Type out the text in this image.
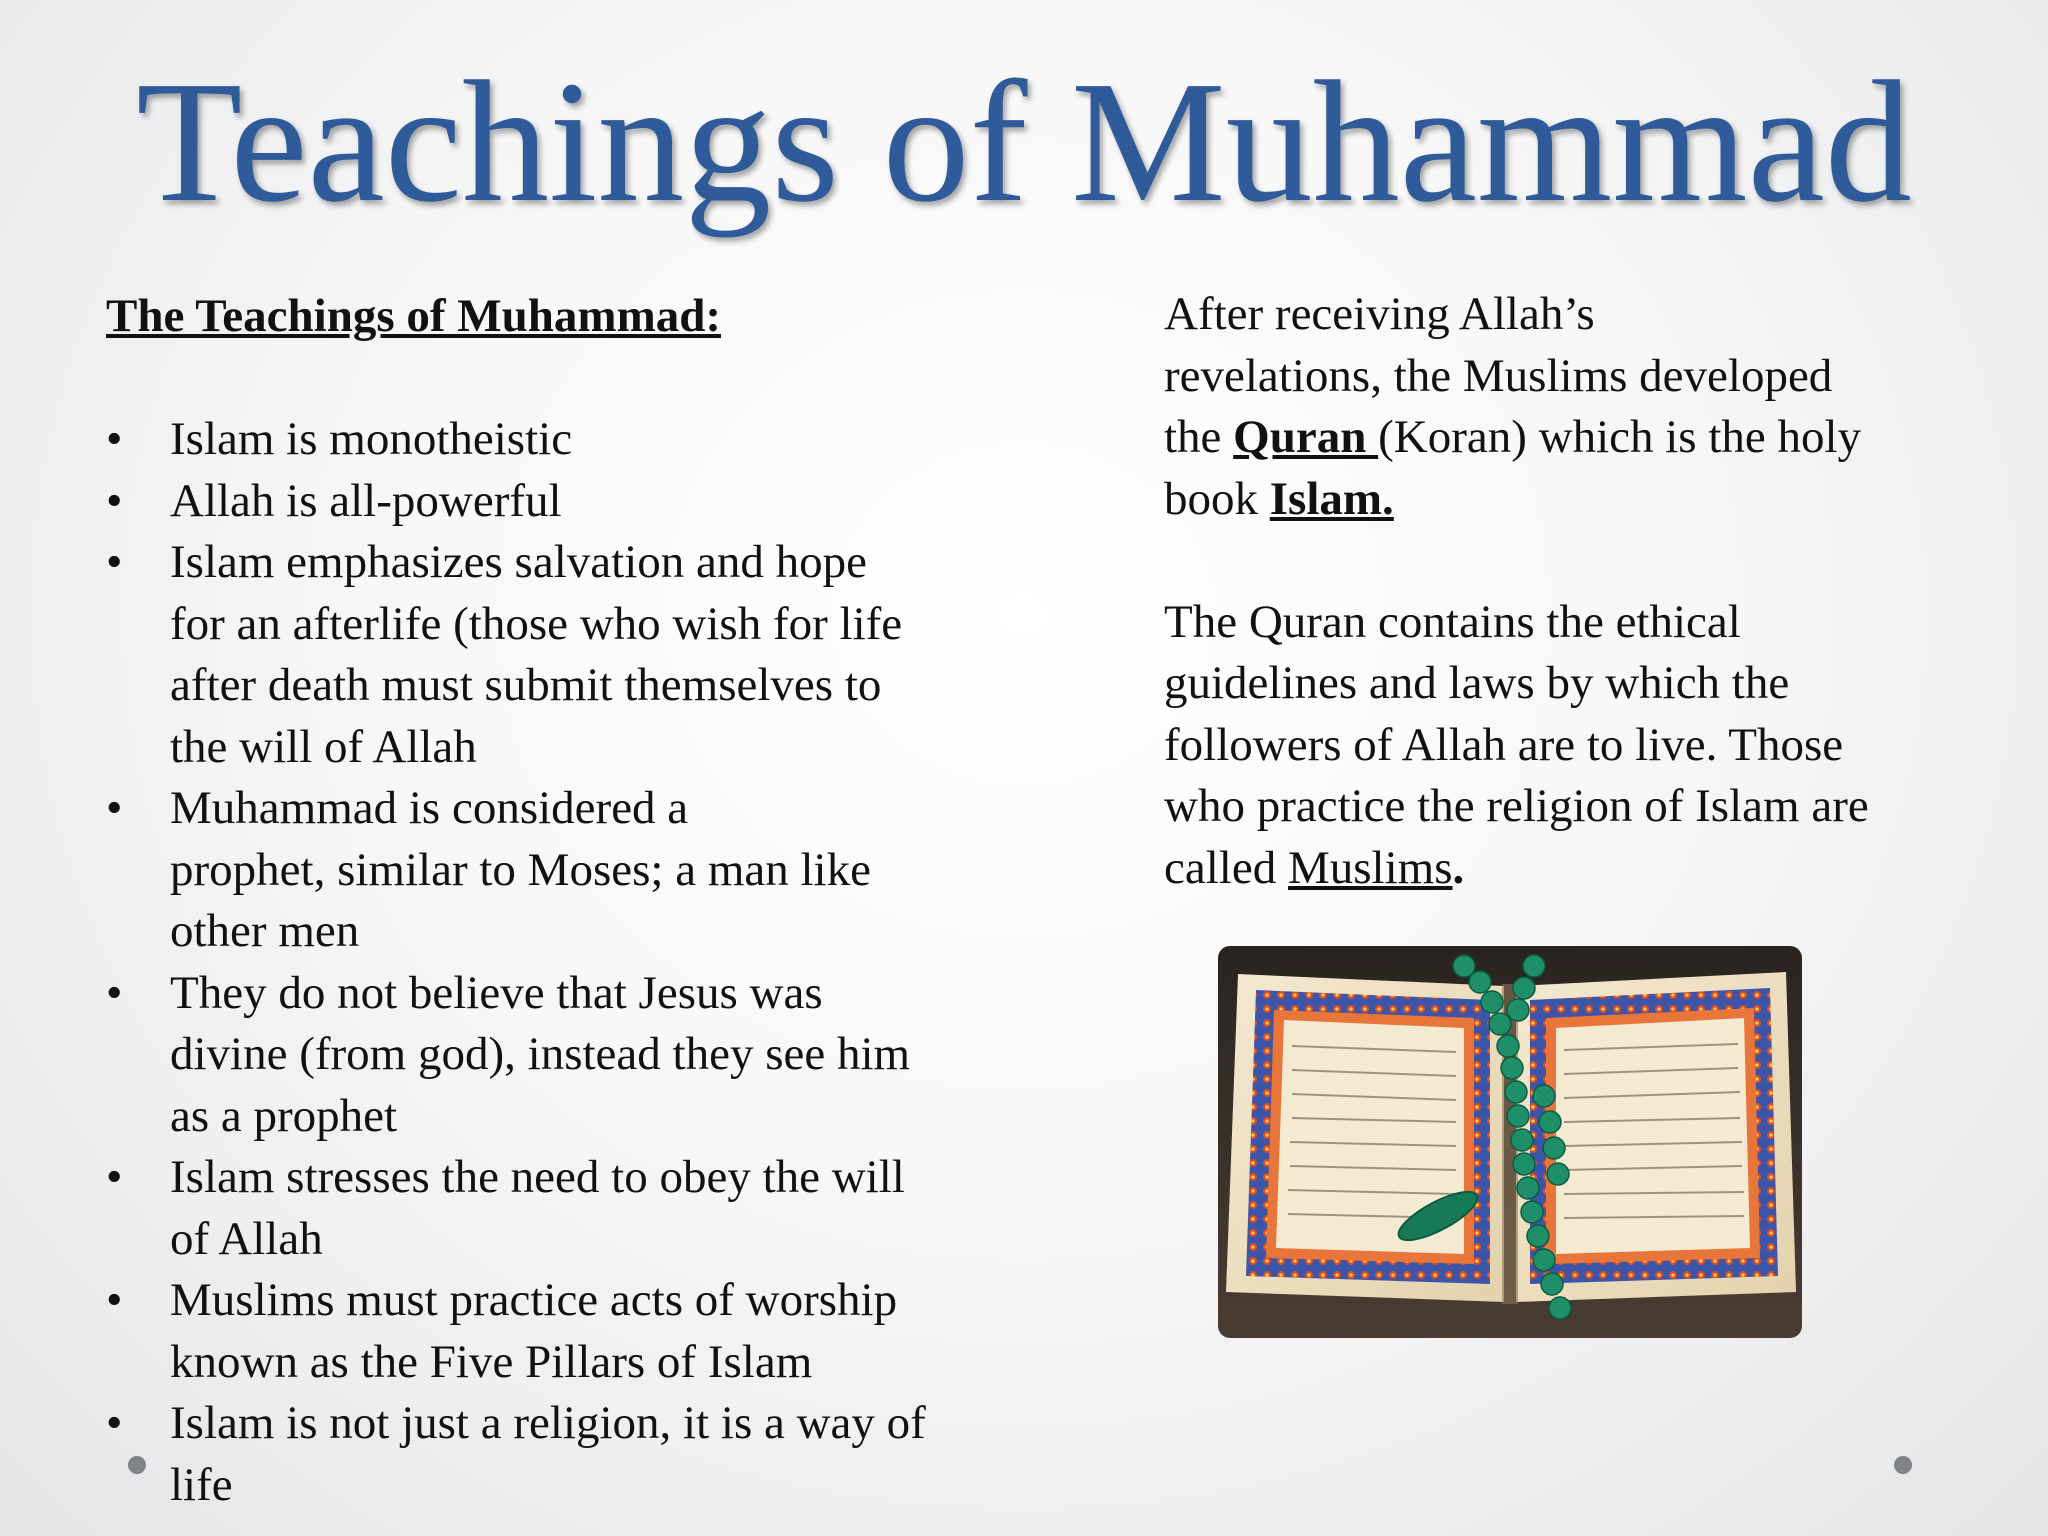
Teachings of Muhammad
The Teachings of Muhammad:
• Islam is monotheistic
• Allah is all-powerful
• Islam emphasizes salvation and hope
for an afterlife (those who wish for life
after death must submit themselves to
the will of Allah
• Muhammad is considered a
prophet, similar to Moses; a man like
other men
• They do not believe that Jesus was
divine (from god), instead they see him
as a prophet
• Islam stresses the need to obey the will
of Allah
• Muslims must practice acts of worship
known as the Five Pillars of Islam
• Islam is not just a religion, it is a way of
life

After receiving Allah’s
revelations, the Muslims developed
the Quran (Koran) which is the holy
book Islam.

The Quran contains the ethical
guidelines and laws by which the
followers of Allah are to live. Those
who practice the religion of Islam are
called Muslims.
